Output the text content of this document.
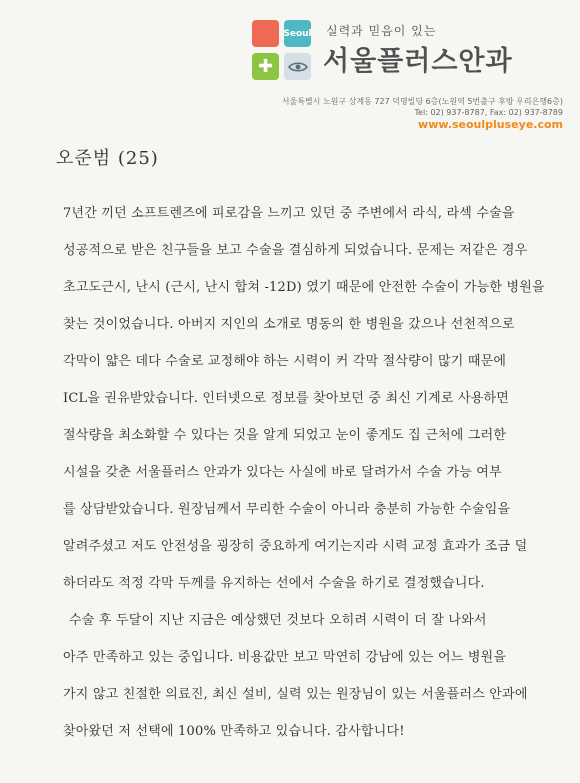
Seoul
✚
실력과 믿음이 있는
서울플러스안과
서울특별시 노원구 상계동 727 덕명빌딩 6층(노원역 5번출구 후방 우리은행6층)
Tel: 02) 937-8787, Fax: 02) 937-8789
www.seoulpluseye.com
오준범 (25)
7년간 끼던 소프트렌즈에 피로감을 느끼고 있던 중 주변에서 라식, 라섹 수술을
성공적으로 받은 친구들을 보고 수술을 결심하게 되었습니다. 문제는 저같은 경우
초고도근시, 난시 (근시, 난시 합쳐 -12D) 였기 때문에 안전한 수술이 가능한 병원을
찾는 것이었습니다. 아버지 지인의 소개로 명동의 한 병원을 갔으나 선천적으로
각막이 얇은 데다 수술로 교정해야 하는 시력이 커 각막 절삭량이 많기 때문에
ICL을 권유받았습니다. 인터넷으로 정보를 찾아보던 중 최신 기계로 사용하면
절삭량을 최소화할 수 있다는 것을 알게 되었고 눈이 좋게도 집 근처에 그러한
시설을 갖춘 서울플러스 안과가 있다는 사실에 바로 달려가서 수술 가능 여부
를 상담받았습니다. 원장님께서 무리한 수술이 아니라 충분히 가능한 수술임을
알려주셨고 저도 안전성을 굉장히 중요하게 여기는지라 시력 교정 효과가 조금 덜
하더라도 적정 각막 두께를 유지하는 선에서 수술을 하기로 결정했습니다.
수술 후 두달이 지난 지금은 예상했던 것보다 오히려 시력이 더 잘 나와서
아주 만족하고 있는 중입니다. 비용값만 보고 막연히 강남에 있는 어느 병원을
가지 않고 친절한 의료진, 최신 설비, 실력 있는 원장님이 있는 서울플러스 안과에
찾아왔던 저 선택에 100% 만족하고 있습니다. 감사합니다!
